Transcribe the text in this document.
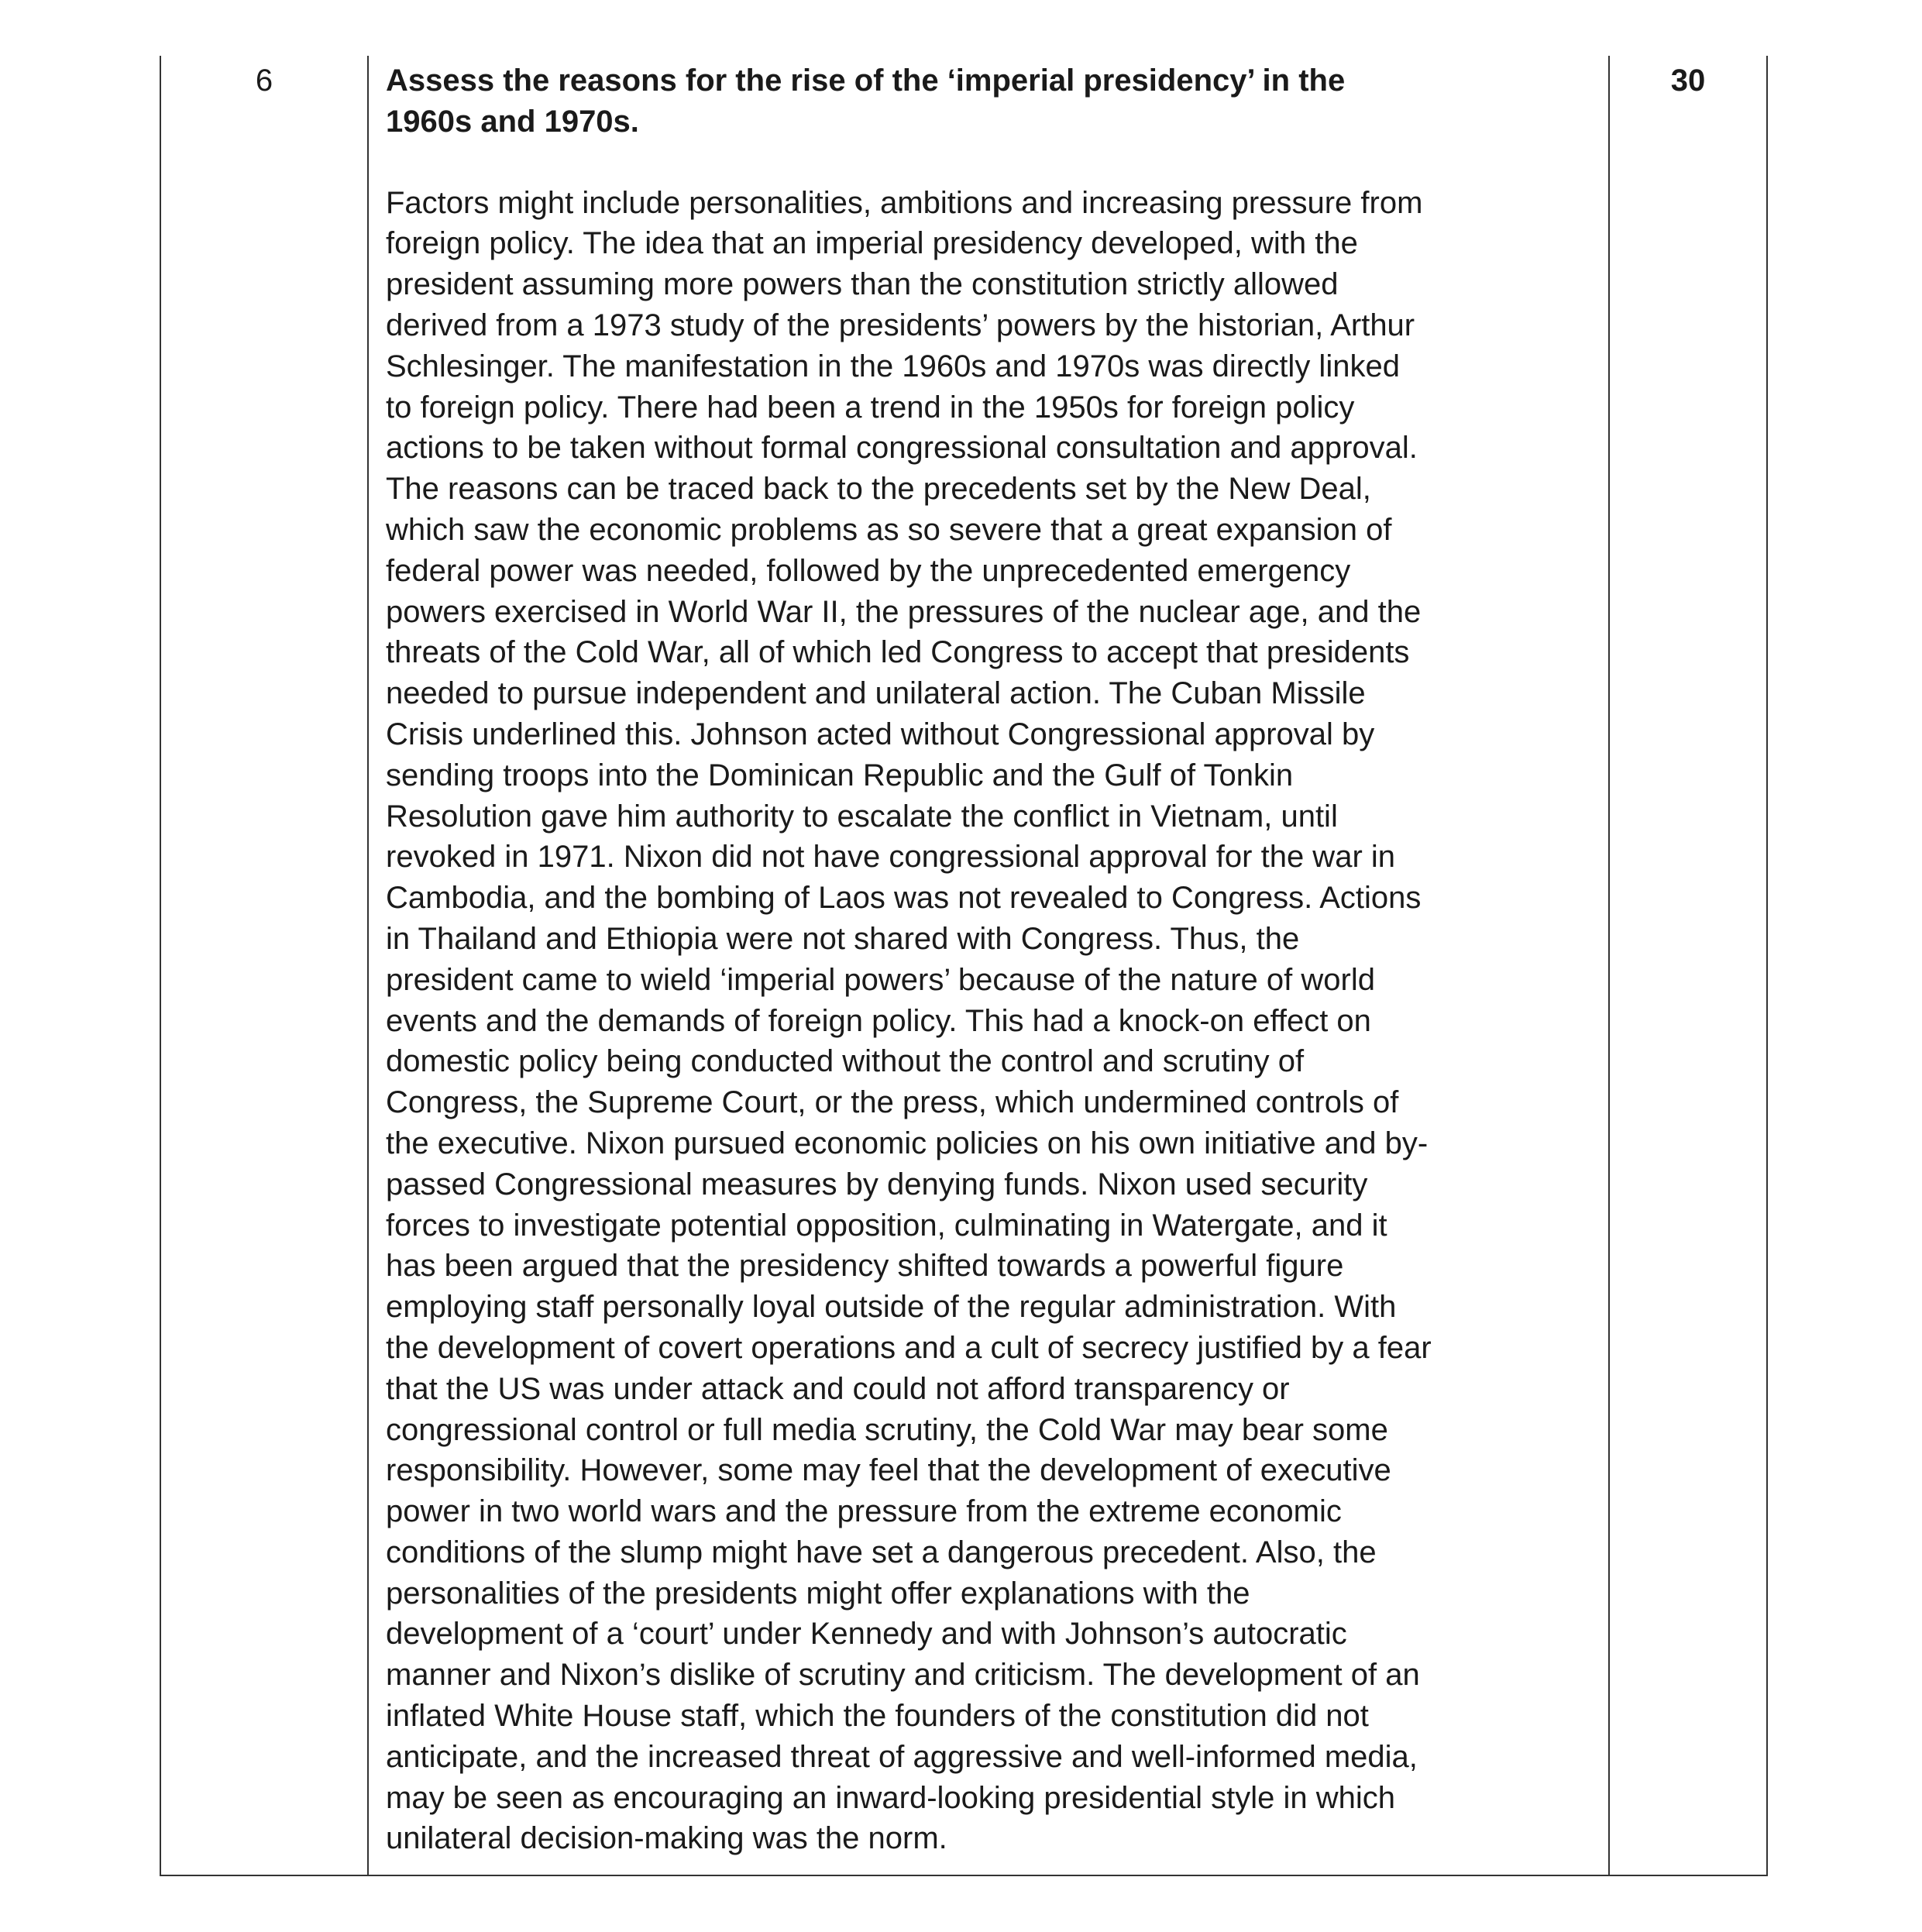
6	Assess the reasons for the rise of the ‘imperial presidency’ in the
1960s and 1970s.

Factors might include personalities, ambitions and increasing pressure from
foreign policy. The idea that an imperial presidency developed, with the
president assuming more powers than the constitution strictly allowed
derived from a 1973 study of the presidents’ powers by the historian, Arthur
Schlesinger. The manifestation in the 1960s and 1970s was directly linked
to foreign policy. There had been a trend in the 1950s for foreign policy
actions to be taken without formal congressional consultation and approval.
The reasons can be traced back to the precedents set by the New Deal,
which saw the economic problems as so severe that a great expansion of
federal power was needed, followed by the unprecedented emergency
powers exercised in World War II, the pressures of the nuclear age, and the
threats of the Cold War, all of which led Congress to accept that presidents
needed to pursue independent and unilateral action. The Cuban Missile
Crisis underlined this. Johnson acted without Congressional approval by
sending troops into the Dominican Republic and the Gulf of Tonkin
Resolution gave him authority to escalate the conflict in Vietnam, until
revoked in 1971. Nixon did not have congressional approval for the war in
Cambodia, and the bombing of Laos was not revealed to Congress. Actions
in Thailand and Ethiopia were not shared with Congress. Thus, the
president came to wield ‘imperial powers’ because of the nature of world
events and the demands of foreign policy. This had a knock-on effect on
domestic policy being conducted without the control and scrutiny of
Congress, the Supreme Court, or the press, which undermined controls of
the executive. Nixon pursued economic policies on his own initiative and by-
passed Congressional measures by denying funds. Nixon used security
forces to investigate potential opposition, culminating in Watergate, and it
has been argued that the presidency shifted towards a powerful figure
employing staff personally loyal outside of the regular administration. With
the development of covert operations and a cult of secrecy justified by a fear
that the US was under attack and could not afford transparency or
congressional control or full media scrutiny, the Cold War may bear some
responsibility. However, some may feel that the development of executive
power in two world wars and the pressure from the extreme economic
conditions of the slump might have set a dangerous precedent. Also, the
personalities of the presidents might offer explanations with the
development of a ‘court’ under Kennedy and with Johnson’s autocratic
manner and Nixon’s dislike of scrutiny and criticism. The development of an
inflated White House staff, which the founders of the constitution did not
anticipate, and the increased threat of aggressive and well-informed media,
may be seen as encouraging an inward-looking presidential style in which
unilateral decision-making was the norm.

30
